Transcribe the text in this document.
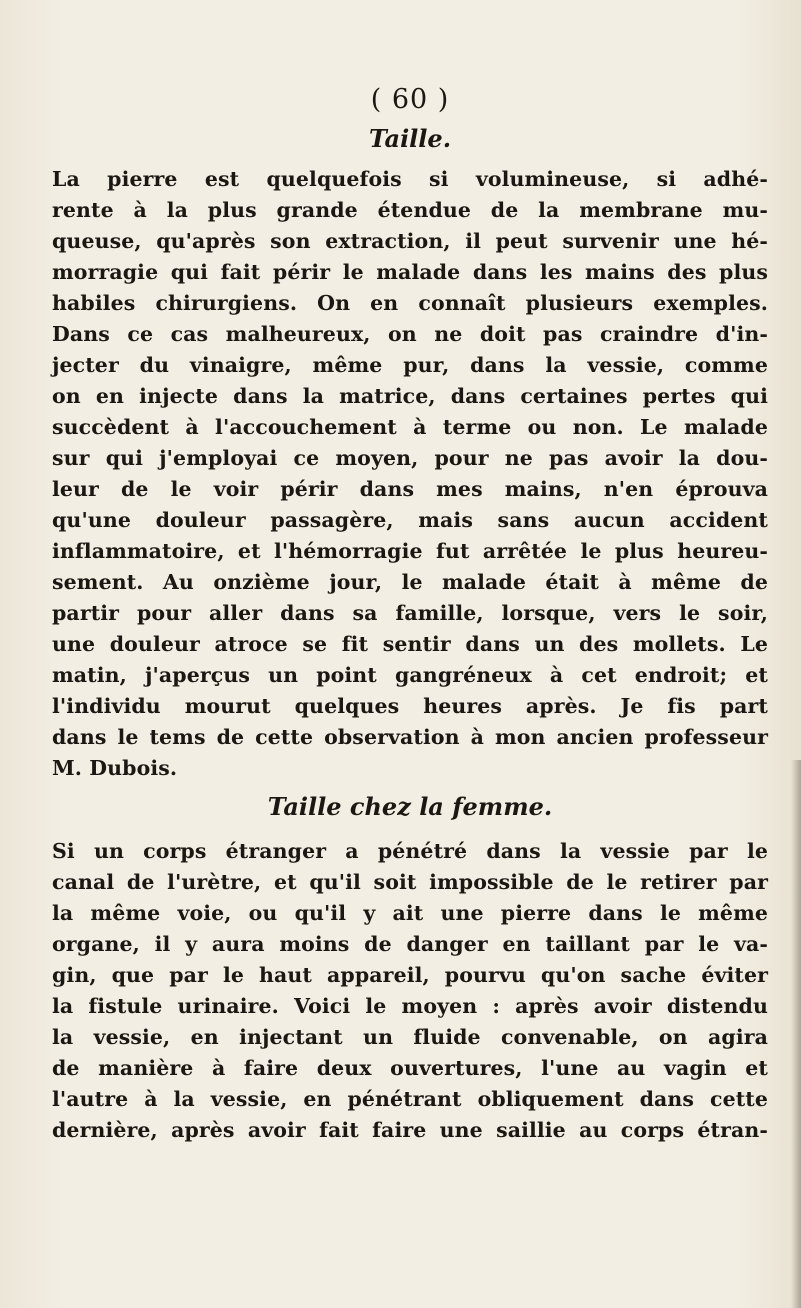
( 60 )
Taille.
La pierre est quelquefois si volumineuse, si adhé-
rente à la plus grande étendue de la membrane mu-
queuse, qu'après son extraction, il peut survenir une hé-
morragie qui fait périr le malade dans les mains des plus
habiles chirurgiens. On en connaît plusieurs exemples.
Dans ce cas malheureux, on ne doit pas craindre d'in-
jecter du vinaigre, même pur, dans la vessie, comme
on en injecte dans la matrice, dans certaines pertes qui
succèdent à l'accouchement à terme ou non. Le malade
sur qui j'employai ce moyen, pour ne pas avoir la dou-
leur de le voir périr dans mes mains, n'en éprouva
qu'une douleur passagère, mais sans aucun accident
inflammatoire, et l'hémorragie fut arrêtée le plus heureu-
sement. Au onzième jour, le malade était à même de
partir pour aller dans sa famille, lorsque, vers le soir,
une douleur atroce se fit sentir dans un des mollets. Le
matin, j'aperçus un point gangréneux à cet endroit; et
l'individu mourut quelques heures après. Je fis part
dans le tems de cette observation à mon ancien professeur
M. Dubois.
Taille chez la femme.
Si un corps étranger a pénétré dans la vessie par le
canal de l'urètre, et qu'il soit impossible de le retirer par
la même voie, ou qu'il y ait une pierre dans le même
organe, il y aura moins de danger en taillant par le va-
gin, que par le haut appareil, pourvu qu'on sache éviter
la fistule urinaire. Voici le moyen : après avoir distendu
la vessie, en injectant un fluide convenable, on agira
de manière à faire deux ouvertures, l'une au vagin et
l'autre à la vessie, en pénétrant obliquement dans cette
dernière, après avoir fait faire une saillie au corps étran-
